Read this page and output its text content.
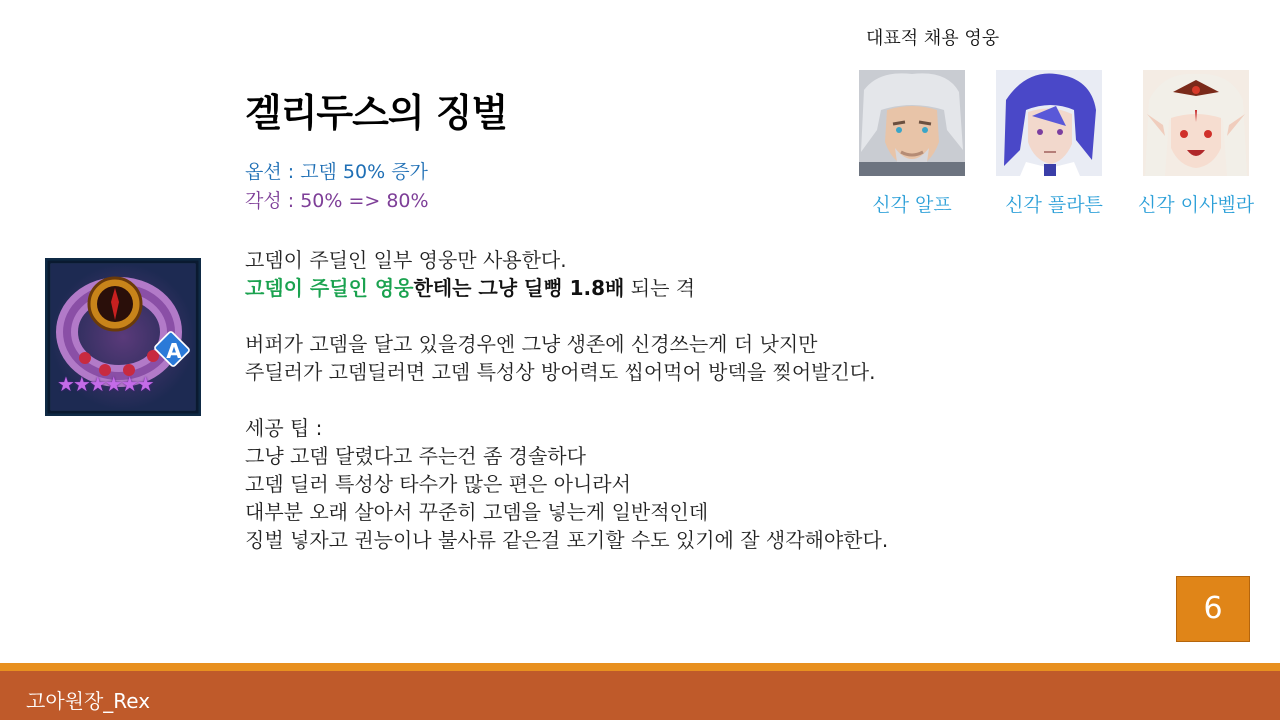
대표적 채용 영웅
신각 알프	신각 플라튼	신각 이사벨라
겔리두스의 징벌
옵션 : 고뎀 50% 증가
각성 : 50% => 80%
A
★★★★★★

고뎀이 주딜인 일부 영웅만 사용한다.

고뎀이 주딜인 영웅한테는 그냥 딜뻥 1.8배 되는 격

버퍼가 고뎀을 달고 있을경우엔 그냥 생존에 신경쓰는게 더 낫지만

주딜러가 고뎀딜러면 고뎀 특성상 방어력도 씹어먹어 방덱을 찢어발긴다.

세공 팁 :

그냥 고뎀 달렸다고 주는건 좀 경솔하다

고뎀 딜러 특성상 타수가 많은 편은 아니라서

대부분 오래 살아서 꾸준히 고뎀을 넣는게 일반적인데

징벌 넣자고 권능이나 불사류 같은걸 포기할 수도 있기에 잘 생각해야한다.

6
고아원장_Rex
